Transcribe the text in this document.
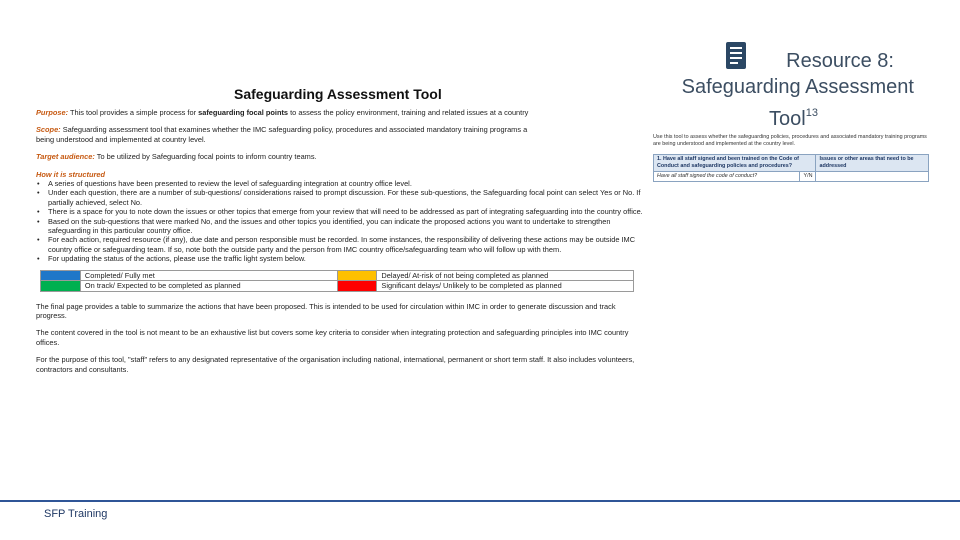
Safeguarding Assessment Tool
Purpose: This tool provides a simple process for safeguarding focal points to assess the policy environment, training and related issues at a country
Scope: Safeguarding assessment tool that examines whether the IMC safeguarding policy, procedures and associated mandatory training programs a
being understood and implemented at country level.
Target audience: To be utilized by Safeguarding focal points to inform country teams.
How it is structured
• A series of questions have been presented to review the level of safeguarding integration at country office level.
• Under each question, there are a number of sub-questions/ considerations raised to prompt discussion. For these sub-questions, the Safeguarding focal point can select Yes or No. If partially achieved, select No.
• There is a space for you to note down the issues or other topics that emerge from your review that will need to be addressed as part of integrating safeguarding into the country office.
• Based on the sub-questions that were marked No, and the issues and other topics you identified, you can indicate the proposed actions you want to undertake to strengthen safeguarding in this particular country office.
• For each action, required resource (if any), due date and person responsible must be recorded. In some instances, the responsibility of delivering these actions may be outside IMC country office or safeguarding team. If so, note both the outside party and the person from IMC country office/safeguarding team who will follow up with them.
• For updating the status of the actions, please use the traffic light system below.
	Completed/ Fully met		Delayed/ At-risk of not being completed as planned
	On track/ Expected to be completed as planned		Significant delays/ Unlikely to be completed as planned
The final page provides a table to summarize the actions that have been proposed. This is intended to be used for circulation within IMC in order to generate discussion and track progress.
The content covered in the tool is not meant to be an exhaustive list but covers some key criteria to consider when integrating protection and safeguarding principles into IMC country offices.
For the purpose of this tool, "staff" refers to any designated representative of the organisation including national, international, permanent or short term staff. It also includes volunteers, contractors and consultants.
Resource 8:
Safeguarding Assessment
Tool$^{13}$
Use this tool to assess whether the safeguarding policies, procedures and associated mandatory training programs are being understood and implemented at the country level.
1. Have all staff signed and been trained on the Code of Conduct and safeguarding policies and procedures?		Issues or other areas that need to be addressed
Have all staff signed the code of conduct?	Y/N	
SFP Training
